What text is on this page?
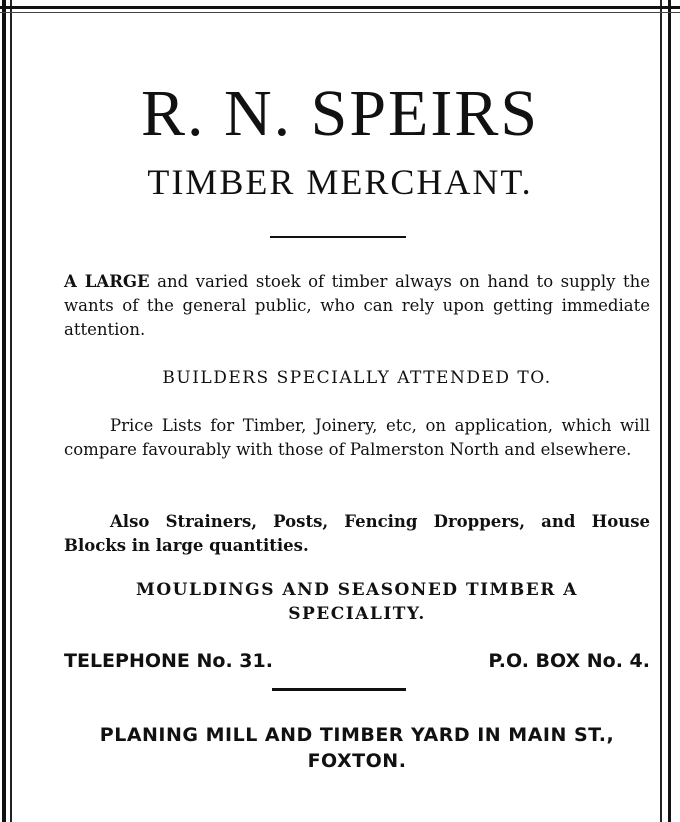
R. N. SPEIRS
TIMBER MERCHANT.
A LARGE and varied stoek of timber always on hand to supply the wants of the general public, who can rely upon getting immediate attention.
BUILDERS SPECIALLY ATTENDED TO.
Price Lists for Timber, Joinery, etc, on application, which will compare favourably with those of Palmerston North and elsewhere.
Also Strainers, Posts, Fencing Droppers, and House Blocks in large quantities.
MOULDINGS AND SEASONED TIMBER A
SPECIALITY.
TELEPHONE No. 31.	P.O. BOX No. 4.
PLANING MILL AND TIMBER YARD IN MAIN ST.,
FOXTON.
